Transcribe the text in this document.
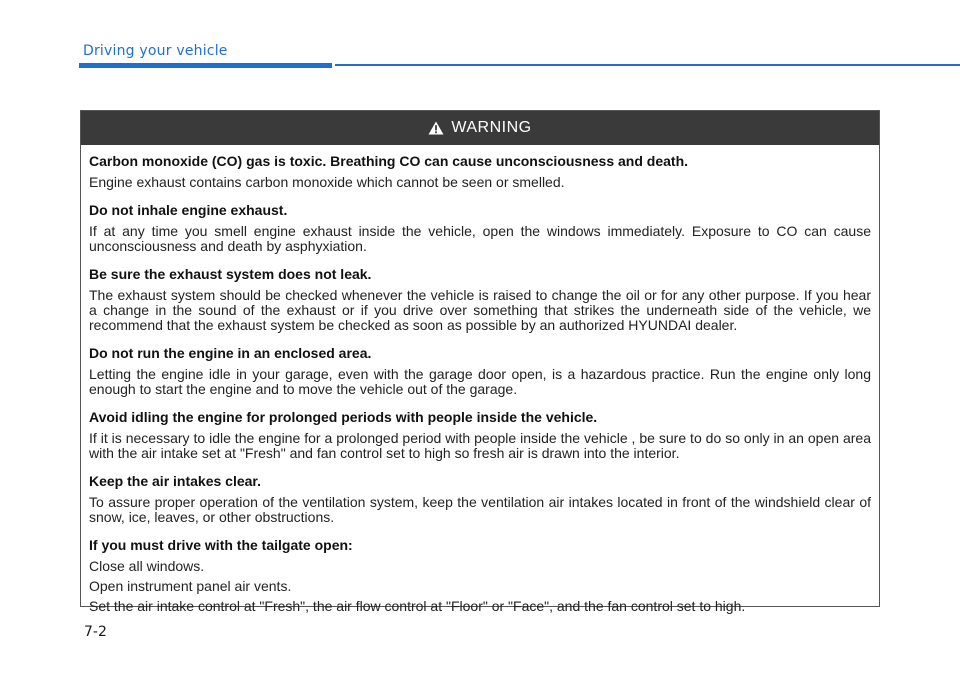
Driving your vehicle
WARNING

Carbon monoxide (CO) gas is toxic. Breathing CO can cause unconsciousness and death.

Engine exhaust contains carbon monoxide which cannot be seen or smelled.

Do not inhale engine exhaust.

If at any time you smell engine exhaust inside the vehicle, open the windows immediately. Exposure to CO can cause unconsciousness and death by asphyxiation.

Be sure the exhaust system does not leak.

The exhaust system should be checked whenever the vehicle is raised to change the oil or for any other purpose. If you hear a change in the sound of the exhaust or if you drive over something that strikes the underneath side of the vehicle, we recommend that the exhaust system be checked as soon as possible by an authorized HYUNDAI dealer.

Do not run the engine in an enclosed area.

Letting the engine idle in your garage, even with the garage door open, is a hazardous practice. Run the engine only long enough to start the engine and to move the vehicle out of the garage.

Avoid idling the engine for prolonged periods with people inside the vehicle.

If it is necessary to idle the engine for a prolonged period with people inside the vehicle , be sure to do so only in an open area with the air intake set at "Fresh" and fan control set to high so fresh air is drawn into the interior.

Keep the air intakes clear.

To assure proper operation of the ventilation system, keep the ventilation air intakes located in front of the windshield clear of snow, ice, leaves, or other obstructions.

If you must drive with the tailgate open:

Close all windows.

Open instrument panel air vents.

Set the air intake control at "Fresh", the air flow control at "Floor" or "Face", and the fan control set to high.

7-2
